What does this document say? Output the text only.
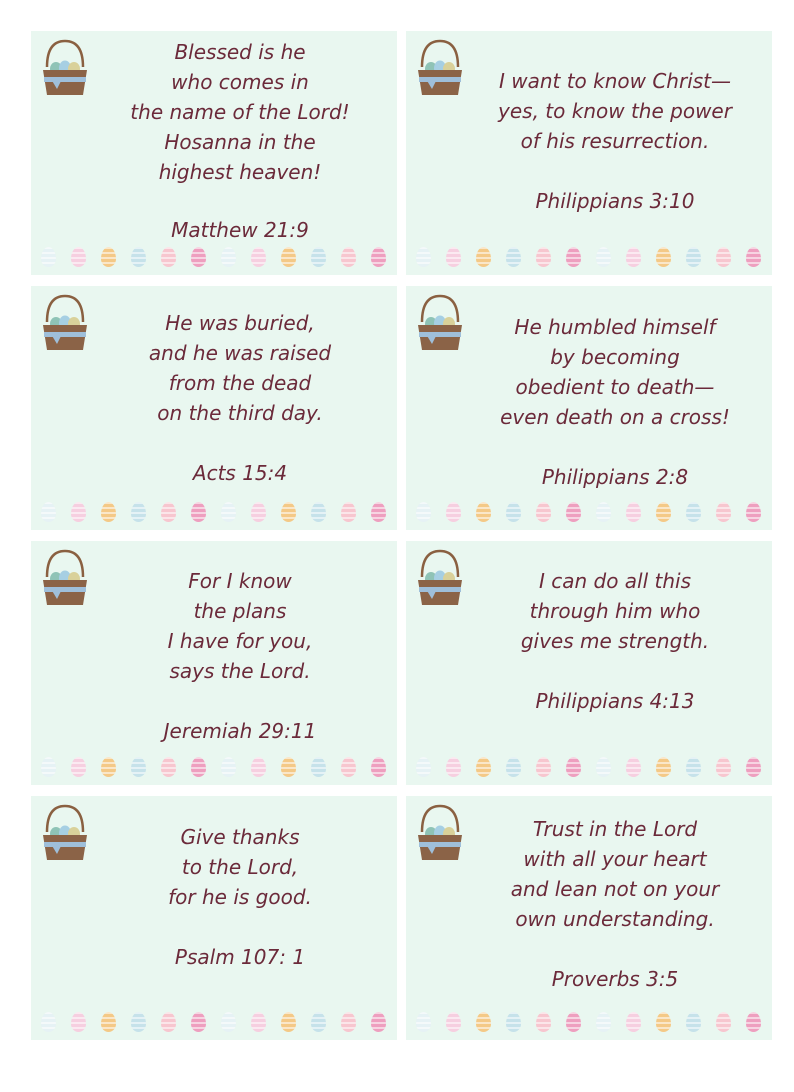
Blessed is he
who comes in
the name of the Lord!
Hosanna in the
highest heaven!
Matthew 21:9
I want to know Christ—
yes, to know the power
of his resurrection.
Philippians 3:10
He was buried,
and he was raised
from the dead
on the third day.
Acts 15:4
He humbled himself
by becoming
obedient to death—
even death on a cross!
Philippians 2:8
For I know
the plans
I have for you,
says the Lord.
Jeremiah 29:11
I can do all this
through him who
gives me strength.
Philippians 4:13
Give thanks
to the Lord,
for he is good.
Psalm 107: 1
Trust in the Lord
with all your heart
and lean not on your
own understanding.
Proverbs 3:5
